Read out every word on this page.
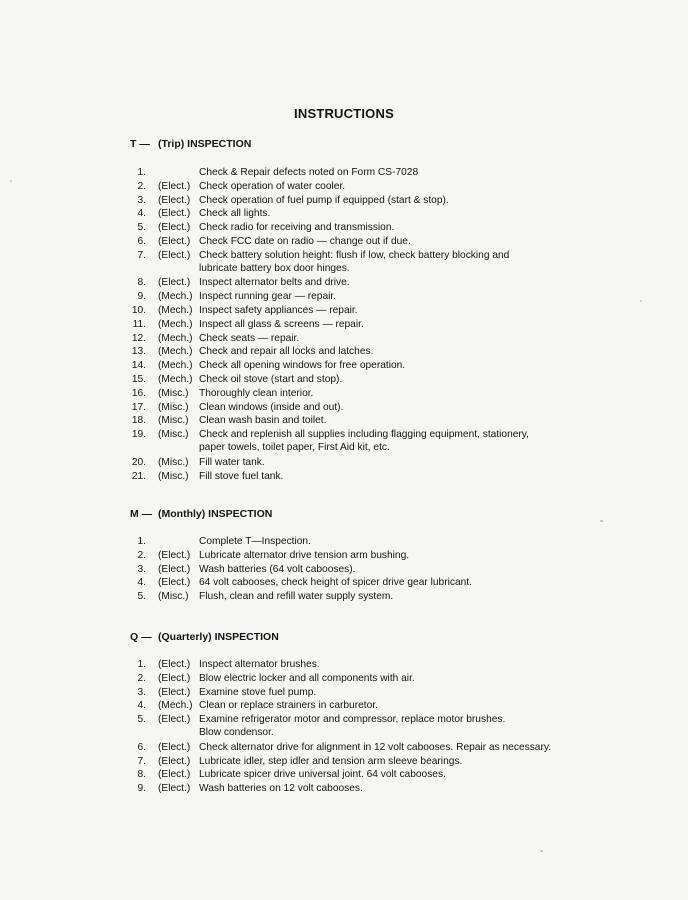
INSTRUCTIONS
T — (Trip) INSPECTION
1.	Check & Repair defects noted on Form CS-7028
2. (Elect.) Check operation of water cooler.
3. (Elect.) Check operation of fuel pump if equipped (start & stop).
4. (Elect.) Check all lights.
5. (Elect.) Check radio for receiving and transmission.
6. (Elect.) Check FCC date on radio — change out if due.
7. (Elect.) Check battery solution height: flush if low, check battery blocking and
lubricate battery box door hinges.
8. (Elect.) Inspect alternator belts and drive.
9. (Mech.) Inspect running gear — repair.
10. (Mech.) Inspect safety appliances — repair.
11. (Mech.) Inspect all glass & screens — repair.
12. (Mech.) Check seats — repair.
13. (Mech.) Check and repair all locks and latches.
14. (Mech.) Check all opening windows for free operation.
15. (Mech.) Check oil stove (start and stop).
16. (Misc.) Thoroughly clean interior.
17. (Misc.) Clean windows (inside and out).
18. (Misc.) Clean wash basin and toilet.
19. (Misc.) Check and replenish all supplies including flagging equipment, stationery,
paper towels, toilet paper, First Aid kit, etc.
20. (Misc.) Fill water tank.
21. (Misc.) Fill stove fuel tank.
M — (Monthly) INSPECTION
1.	Complete T—Inspection.
2. (Elect.) Lubricate alternator drive tension arm bushing.
3. (Elect.) Wash batteries (64 volt cabooses).
4. (Elect.) 64 volt cabooses, check height of spicer drive gear lubricant.
5. (Misc.) Flush, clean and refill water supply system.
Q — (Quarterly) INSPECTION
1. (Elect.) Inspect alternator brushes.
2. (Elect.) Blow electric locker and all components with air.
3. (Elect.) Examine stove fuel pump.
4. (Mech.) Clean or replace strainers in carburetor.
5. (Elect.) Examine refrigerator motor and compressor, replace motor brushes.
Blow condensor.
6. (Elect.) Check alternator drive for alignment in 12 volt cabooses. Repair as necessary.
7. (Elect.) Lubricate idler, step idler and tension arm sleeve bearings.
8. (Elect.) Lubricate spicer drive universal joint. 64 volt cabooses.
9. (Elect.) Wash batteries on 12 volt cabooses.
